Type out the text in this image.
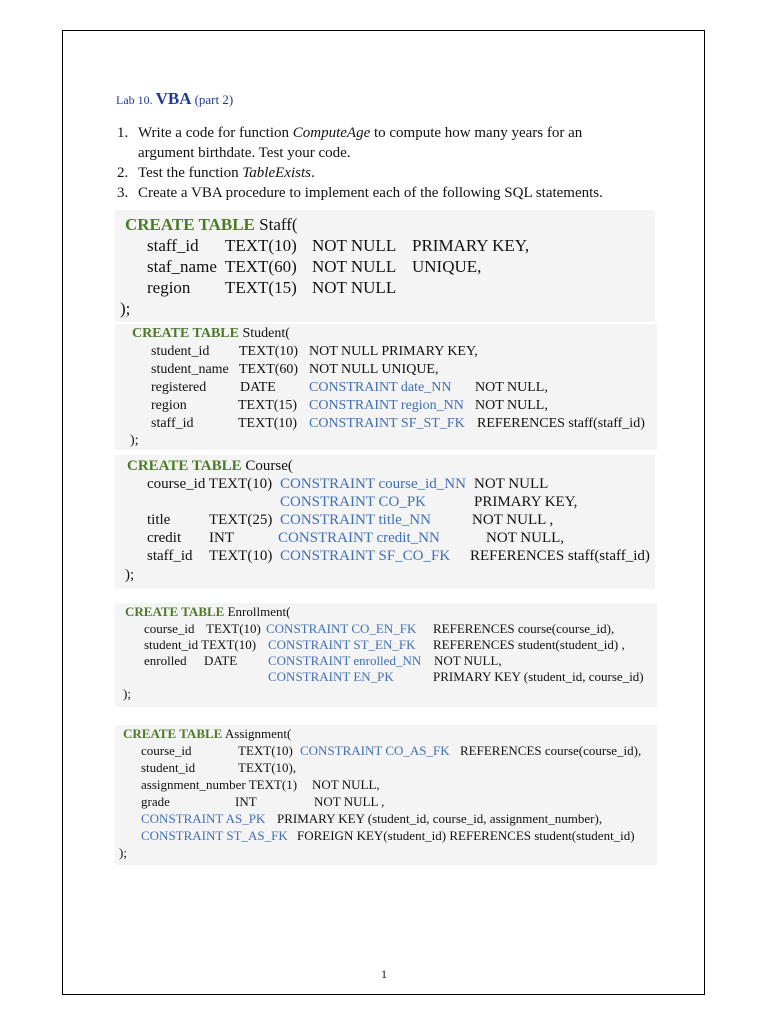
Lab 10. VBA (part 2)
1. Write a code for function ComputeAge to compute how many years for an
argument birthdate. Test your code.
2. Test the function TableExists.
3. Create a VBA procedure to implement each of the following SQL statements.
CREATE TABLE Staff(
staff_id TEXT(10) NOT NULL PRIMARY KEY,
staf_name TEXT(60) NOT NULL UNIQUE,
region TEXT(15) NOT NULL
);
CREATE TABLE Student(
student_id TEXT(10) NOT NULL PRIMARY KEY,
student_name TEXT(60) NOT NULL UNIQUE,
registered DATE CONSTRAINT date_NN NOT NULL,
region	TEXT(15) CONSTRAINT region_NN NOT NULL,
staff_id	TEXT(10) CONSTRAINT SF_ST_FK REFERENCES staff(staff_id)
);
CREATE TABLE Course(
course_id TEXT(10) CONSTRAINT course_id_NN NOT NULL
CONSTRAINT CO_PK	PRIMARY KEY,
title	TEXT(25) CONSTRAINT title_NN	NOT NULL ,
credit INT	CONSTRAINT credit_NN	NOT NULL,
staff_id TEXT(10) CONSTRAINT SF_CO_FK REFERENCES staff(staff_id)
);
CREATE TABLE Enrollment(
course_id TEXT(10) CONSTRAINT CO_EN_FK REFERENCES course(course_id),
student_id TEXT(10) CONSTRAINT ST_EN_FK REFERENCES student(student_id) ,
enrolled DATE CONSTRAINT enrolled_NN NOT NULL,
CONSTRAINT EN_PK	PRIMARY KEY (student_id, course_id)
);
CREATE TABLE Assignment(
course_id	TEXT(10) CONSTRAINT CO_AS_FK REFERENCES course(course_id),
student_id	TEXT(10),
assignment_number TEXT(1) NOT NULL,
grade	INT	NOT NULL ,
CONSTRAINT AS_PK PRIMARY KEY (student_id, course_id, assignment_number),
CONSTRAINT ST_AS_FK FOREIGN KEY(student_id) REFERENCES student(student_id)
);
1
